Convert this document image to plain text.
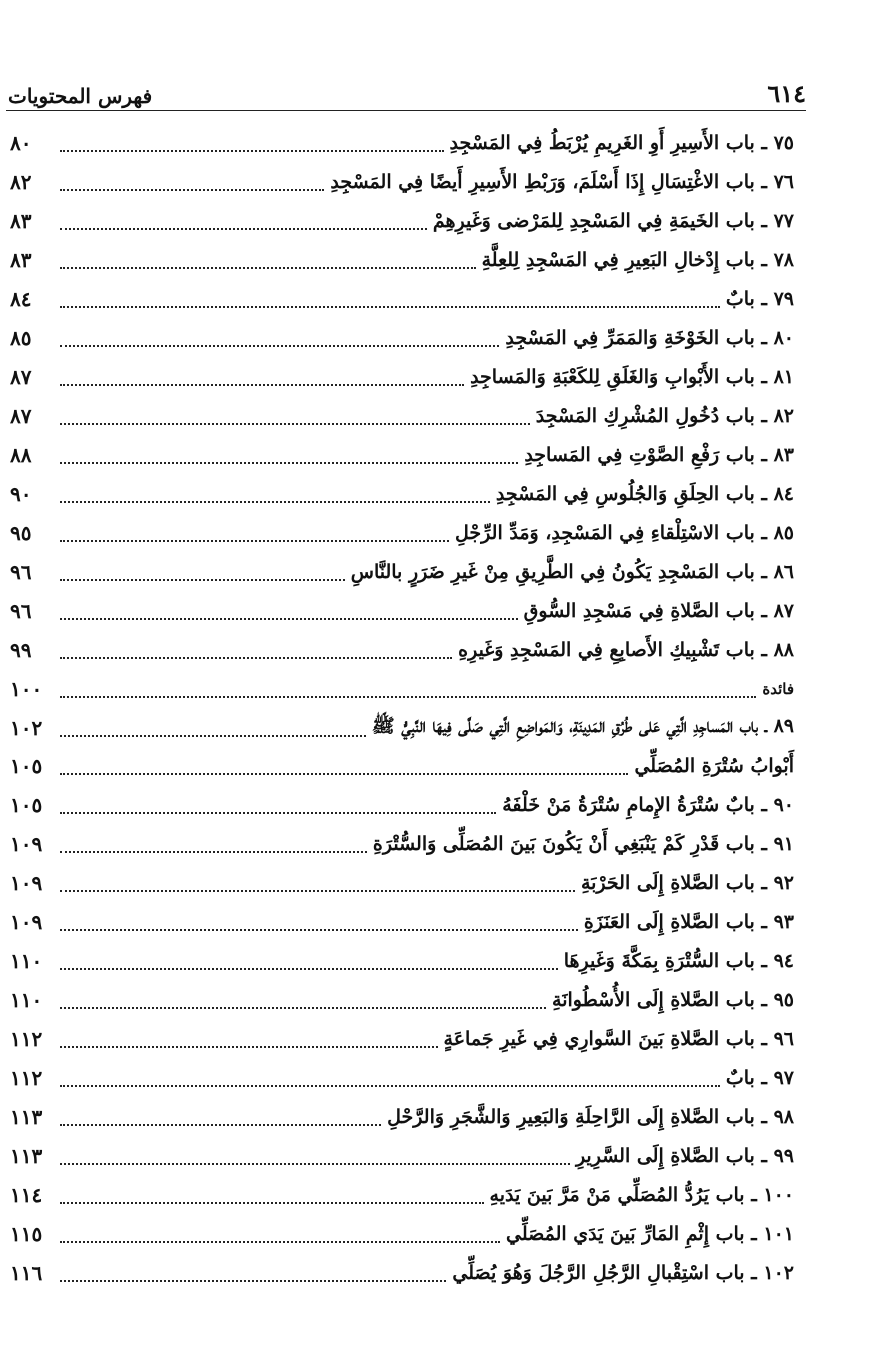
٦١٤
فهرس المحتويات
٧٥ ـ باب الأَسِيرِ أَوِ الغَرِيمِ يُرْبَطُ فِي المَسْجِدِ
٨٠
٧٦ ـ باب الاغْتِسَالِ إِذَا أَسْلَمَ، وَرَبْطِ الأَسِيرِ أَيضًا فِي المَسْجِدِ
٨٢
٧٧ ـ باب الخَيمَةِ فِي المَسْجِدِ لِلمَرْضى وَغَيرِهِمْ
٨٣
٧٨ ـ باب إِدْخالِ البَعِيرِ فِي المَسْجِدِ لِلعِلَّةِ
٨٣
٧٩ ـ بابٌ
٨٤
٨٠ ـ باب الخَوْخَةِ وَالمَمَرِّ فِي المَسْجِدِ
٨٥
٨١ ـ باب الأَبْوابِ وَالغَلَقِ لِلكَعْبَةِ وَالمَساجِدِ
٨٧
٨٢ ـ باب دُخُولِ المُشْرِكِ المَسْجِدَ
٨٧
٨٣ ـ باب رَفْعِ الصَّوْتِ فِي المَساجِدِ
٨٨
٨٤ ـ باب الحِلَقِ وَالجُلُوسِ فِي المَسْجِدِ
٩٠
٨٥ ـ باب الاسْتِلْقاءِ فِي المَسْجِدِ، وَمَدِّ الرِّجْلِ
٩٥
٨٦ ـ باب المَسْجِدِ يَكُونُ فِي الطَّرِيقِ مِنْ غَيرِ ضَرَرٍ بالنَّاسِ
٩٦
٨٧ ـ باب الصَّلاةِ فِي مَسْجِدِ السُّوقِ
٩٦
٨٨ ـ باب تَشْبِيكِ الأَصابِعِ فِي المَسْجِدِ وَغَيرِهِ
٩٩
فائدة
١٠٠
٨٩ ـ باب المَساجِدِ الَّتِي عَلى طُرُقِ المَدِينَةِ، وَالمَواضِعِ الَّتِي صَلَّى فِيهَا النَّبِيُّ ﷺ
١٠٢
أَبْوابُ سُتْرَةِ المُصَلِّي
١٠٥
٩٠ ـ بابٌ سُتْرَةُ الإِمامِ سُتْرَةُ مَنْ خَلْفَهُ
١٠٥
٩١ ـ باب قَدْرِ كَمْ يَنْبَغِي أَنْ يَكُونَ بَينَ المُصَلِّى وَالسُّتْرَةِ
١٠٩
٩٢ ـ باب الصَّلاةِ إِلَى الحَرْبَةِ
١٠٩
٩٣ ـ باب الصَّلاةِ إِلَى العَنَزَةِ
١٠٩
٩٤ ـ باب السُّتْرَةِ بِمَكَّةَ وَغَيرِهَا
١١٠
٩٥ ـ باب الصَّلاةِ إِلَى الأُسْطُوانَةِ
١١٠
٩٦ ـ باب الصَّلاةِ بَينَ السَّوارِي فِي غَيرِ جَماعَةٍ
١١٢
٩٧ ـ بابٌ
١١٢
٩٨ ـ باب الصَّلاةِ إِلَى الرَّاحِلَةِ وَالبَعِيرِ وَالشَّجَرِ وَالرَّحْلِ
١١٣
٩٩ ـ باب الصَّلاةِ إِلَى السَّرِيرِ
١١٣
١٠٠ ـ باب يَرُدُّ المُصَلِّي مَنْ مَرَّ بَينَ يَدَيهِ
١١٤
١٠١ ـ باب إِثْمِ المَارِّ بَينَ يَدَي المُصَلِّي
١١٥
١٠٢ ـ باب اسْتِقْبالِ الرَّجُلِ الرَّجُلَ وَهُوَ يُصَلِّي
١١٦
